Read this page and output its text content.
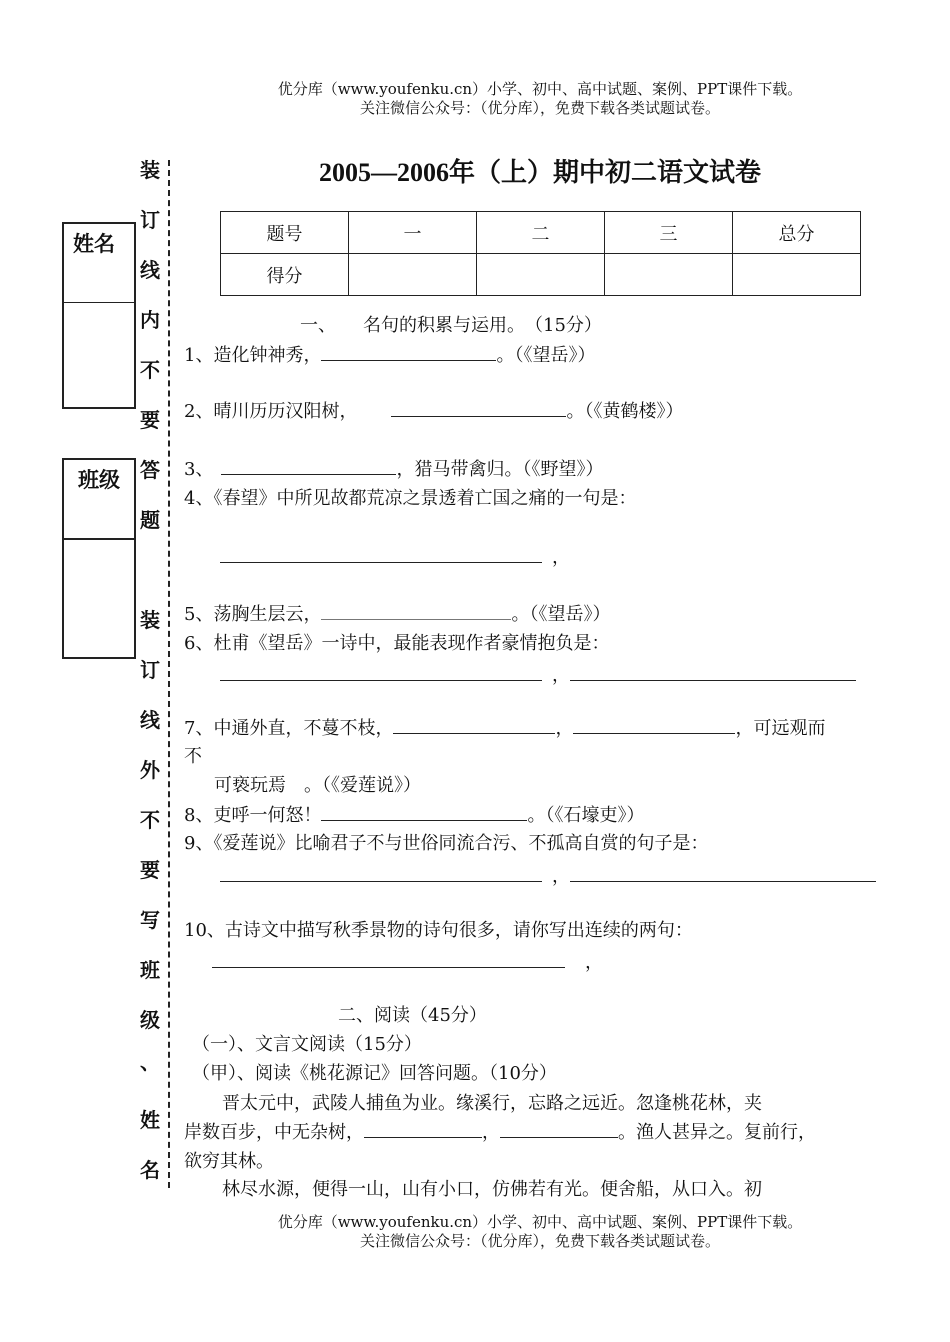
优分库（www.youfenku.cn）小学、初中、高中试题、案例、PPT课件下载。
关注微信公众号：（优分库），免费下载各类试题试卷。
姓名
班级
装
订
线
内
不
要
答
题
装
订
线
外
不
要
写
班
级
、
姓
名
2005—2006年（上）期中初二语文试卷
题号	一	二	三	总分
得分				
一、　　名句的积累与运用。　（15分）
1、造化钟神秀，	。（《望岳》）
2、晴川历历汉阳树，	。（《黄鹤楼》）
3、	，猎马带禽归。（《野望》）
4、《春望》中所见故都荒凉之景透着亡国之痛的一句是：
，
5、荡胸生层云，	。（《望岳》）
6、杜甫《望岳》一诗中，最能表现作者豪情抱负是：
，
7、中通外直，不蔓不枝，	，	，可远观而
不
可亵玩焉　。（《爱莲说》）
8、吏呼一何怒！	。（《石壕吏》）
9、《爱莲说》比喻君子不与世俗同流合污、不孤高自赏的句子是：
，
10、古诗文中描写秋季景物的诗句很多，请你写出连续的两句：
，
二、阅读（45分）
（一）、文言文阅读（15分）
（甲）、阅读《桃花源记》回答问题。（10分）
晋太元中，武陵人捕鱼为业。缘溪行，忘路之远近。忽逢桃花林，夹
岸数百步，中无杂树，	，	。渔人甚异之。复前行，
欲穷其林。
林尽水源，便得一山，山有小口，仿佛若有光。便舍船，从口入。初
优分库（www.youfenku.cn）小学、初中、高中试题、案例、PPT课件下载。
关注微信公众号：（优分库），免费下载各类试题试卷。
